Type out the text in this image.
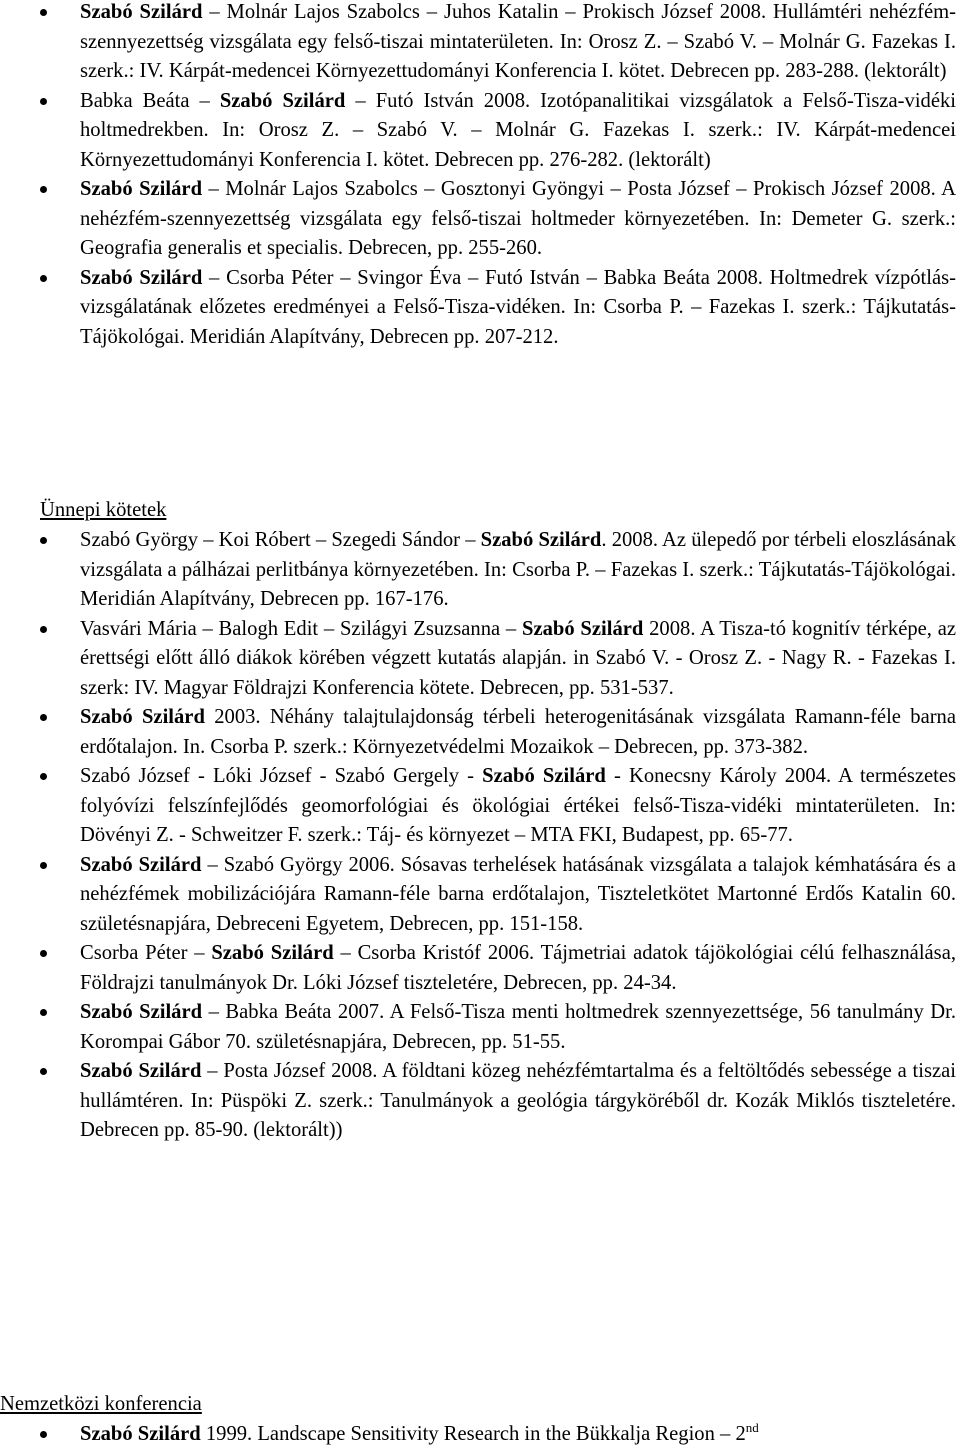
Szabó Szilárd – Molnár Lajos Szabolcs – Juhos Katalin – Prokisch József 2008. Hullámtéri nehézfém-szennyezettség vizsgálata egy felső-tiszai mintaterületen. In: Orosz Z. – Szabó V. – Molnár G. Fazekas I. szerk.: IV. Kárpát-medencei Környezettudományi Konferencia I. kötet. Debrecen pp. 283-288. (lektorált)
Babka Beáta – Szabó Szilárd – Futó István 2008. Izotópanalitikai vizsgálatok a Felső-Tisza-vidéki holtmedrekben. In: Orosz Z. – Szabó V. – Molnár G. Fazekas I. szerk.: IV. Kárpát-medencei Környezettudományi Konferencia I. kötet. Debrecen pp. 276-282. (lektorált)
Szabó Szilárd – Molnár Lajos Szabolcs – Gosztonyi Gyöngyi – Posta József – Prokisch József 2008. A nehézfém-szennyezettség vizsgálata egy felső-tiszai holtmeder környezetében. In: Demeter G. szerk.: Geografia generalis et specialis. Debrecen, pp. 255-260.
Szabó Szilárd – Csorba Péter – Svingor Éva – Futó István – Babka Beáta 2008. Holtmedrek vízpótlás-vizsgálatának előzetes eredményei a Felső-Tisza-vidéken. In: Csorba P. – Fazekas I. szerk.: Tájkutatás-Tájökológai. Meridián Alapítvány, Debrecen pp. 207-212.

Ünnepi kötetek

Szabó György – Koi Róbert – Szegedi Sándor – Szabó Szilárd. 2008. Az ülepedő por térbeli eloszlásának vizsgálata a pálházai perlitbánya környezetében. In: Csorba P. – Fazekas I. szerk.: Tájkutatás-Tájökológai. Meridián Alapítvány, Debrecen pp. 167-176.
Vasvári Mária – Balogh Edit – Szilágyi Zsuzsanna – Szabó Szilárd 2008. A Tisza-tó kognitív térképe, az érettségi előtt álló diákok körében végzett kutatás alapján. in Szabó V. - Orosz Z. - Nagy R. - Fazekas I. szerk: IV. Magyar Földrajzi Konferencia kötete. Debrecen, pp. 531-537.
Szabó Szilárd 2003. Néhány talajtulajdonság térbeli heterogenitásának vizsgálata Ramann-féle barna erdőtalajon. In. Csorba P. szerk.: Környezetvédelmi Mozaikok – Debrecen, pp. 373-382.
Szabó József - Lóki József - Szabó Gergely - Szabó Szilárd - Konecsny Károly 2004. A természetes folyóvízi felszínfejlődés geomorfológiai és ökológiai értékei felső-Tisza-vidéki mintaterületen. In: Dövényi Z. - Schweitzer F. szerk.: Táj- és környezet – MTA FKI, Budapest, pp. 65-77.
Szabó Szilárd – Szabó György 2006. Sósavas terhelések hatásának vizsgálata a talajok kémhatására és a nehézfémek mobilizációjára Ramann-féle barna erdőtalajon, Tiszteletkötet Martonné Erdős Katalin 60. születésnapjára, Debreceni Egyetem, Debrecen, pp. 151-158.
Csorba Péter – Szabó Szilárd – Csorba Kristóf 2006. Tájmetriai adatok tájökológiai célú felhasználása, Földrajzi tanulmányok Dr. Lóki József tiszteletére, Debrecen, pp. 24-34.
Szabó Szilárd – Babka Beáta 2007. A Felső-Tisza menti holtmedrek szennyezettsége, 56 tanulmány Dr. Korompai Gábor 70. születésnapjára, Debrecen, pp. 51-55.
Szabó Szilárd – Posta József 2008. A földtani közeg nehézfémtartalma és a feltöltődés sebessége a tiszai hullámtéren. In: Püspöki Z. szerk.: Tanulmányok a geológia tárgyköréből dr. Kozák Miklós tiszteletére. Debrecen pp. 85-90. (lektorált))

Nemzetközi konferencia

Szabó Szilárd 1999. Landscape Sensitivity Research in the Bükkalja Region – 2nd
